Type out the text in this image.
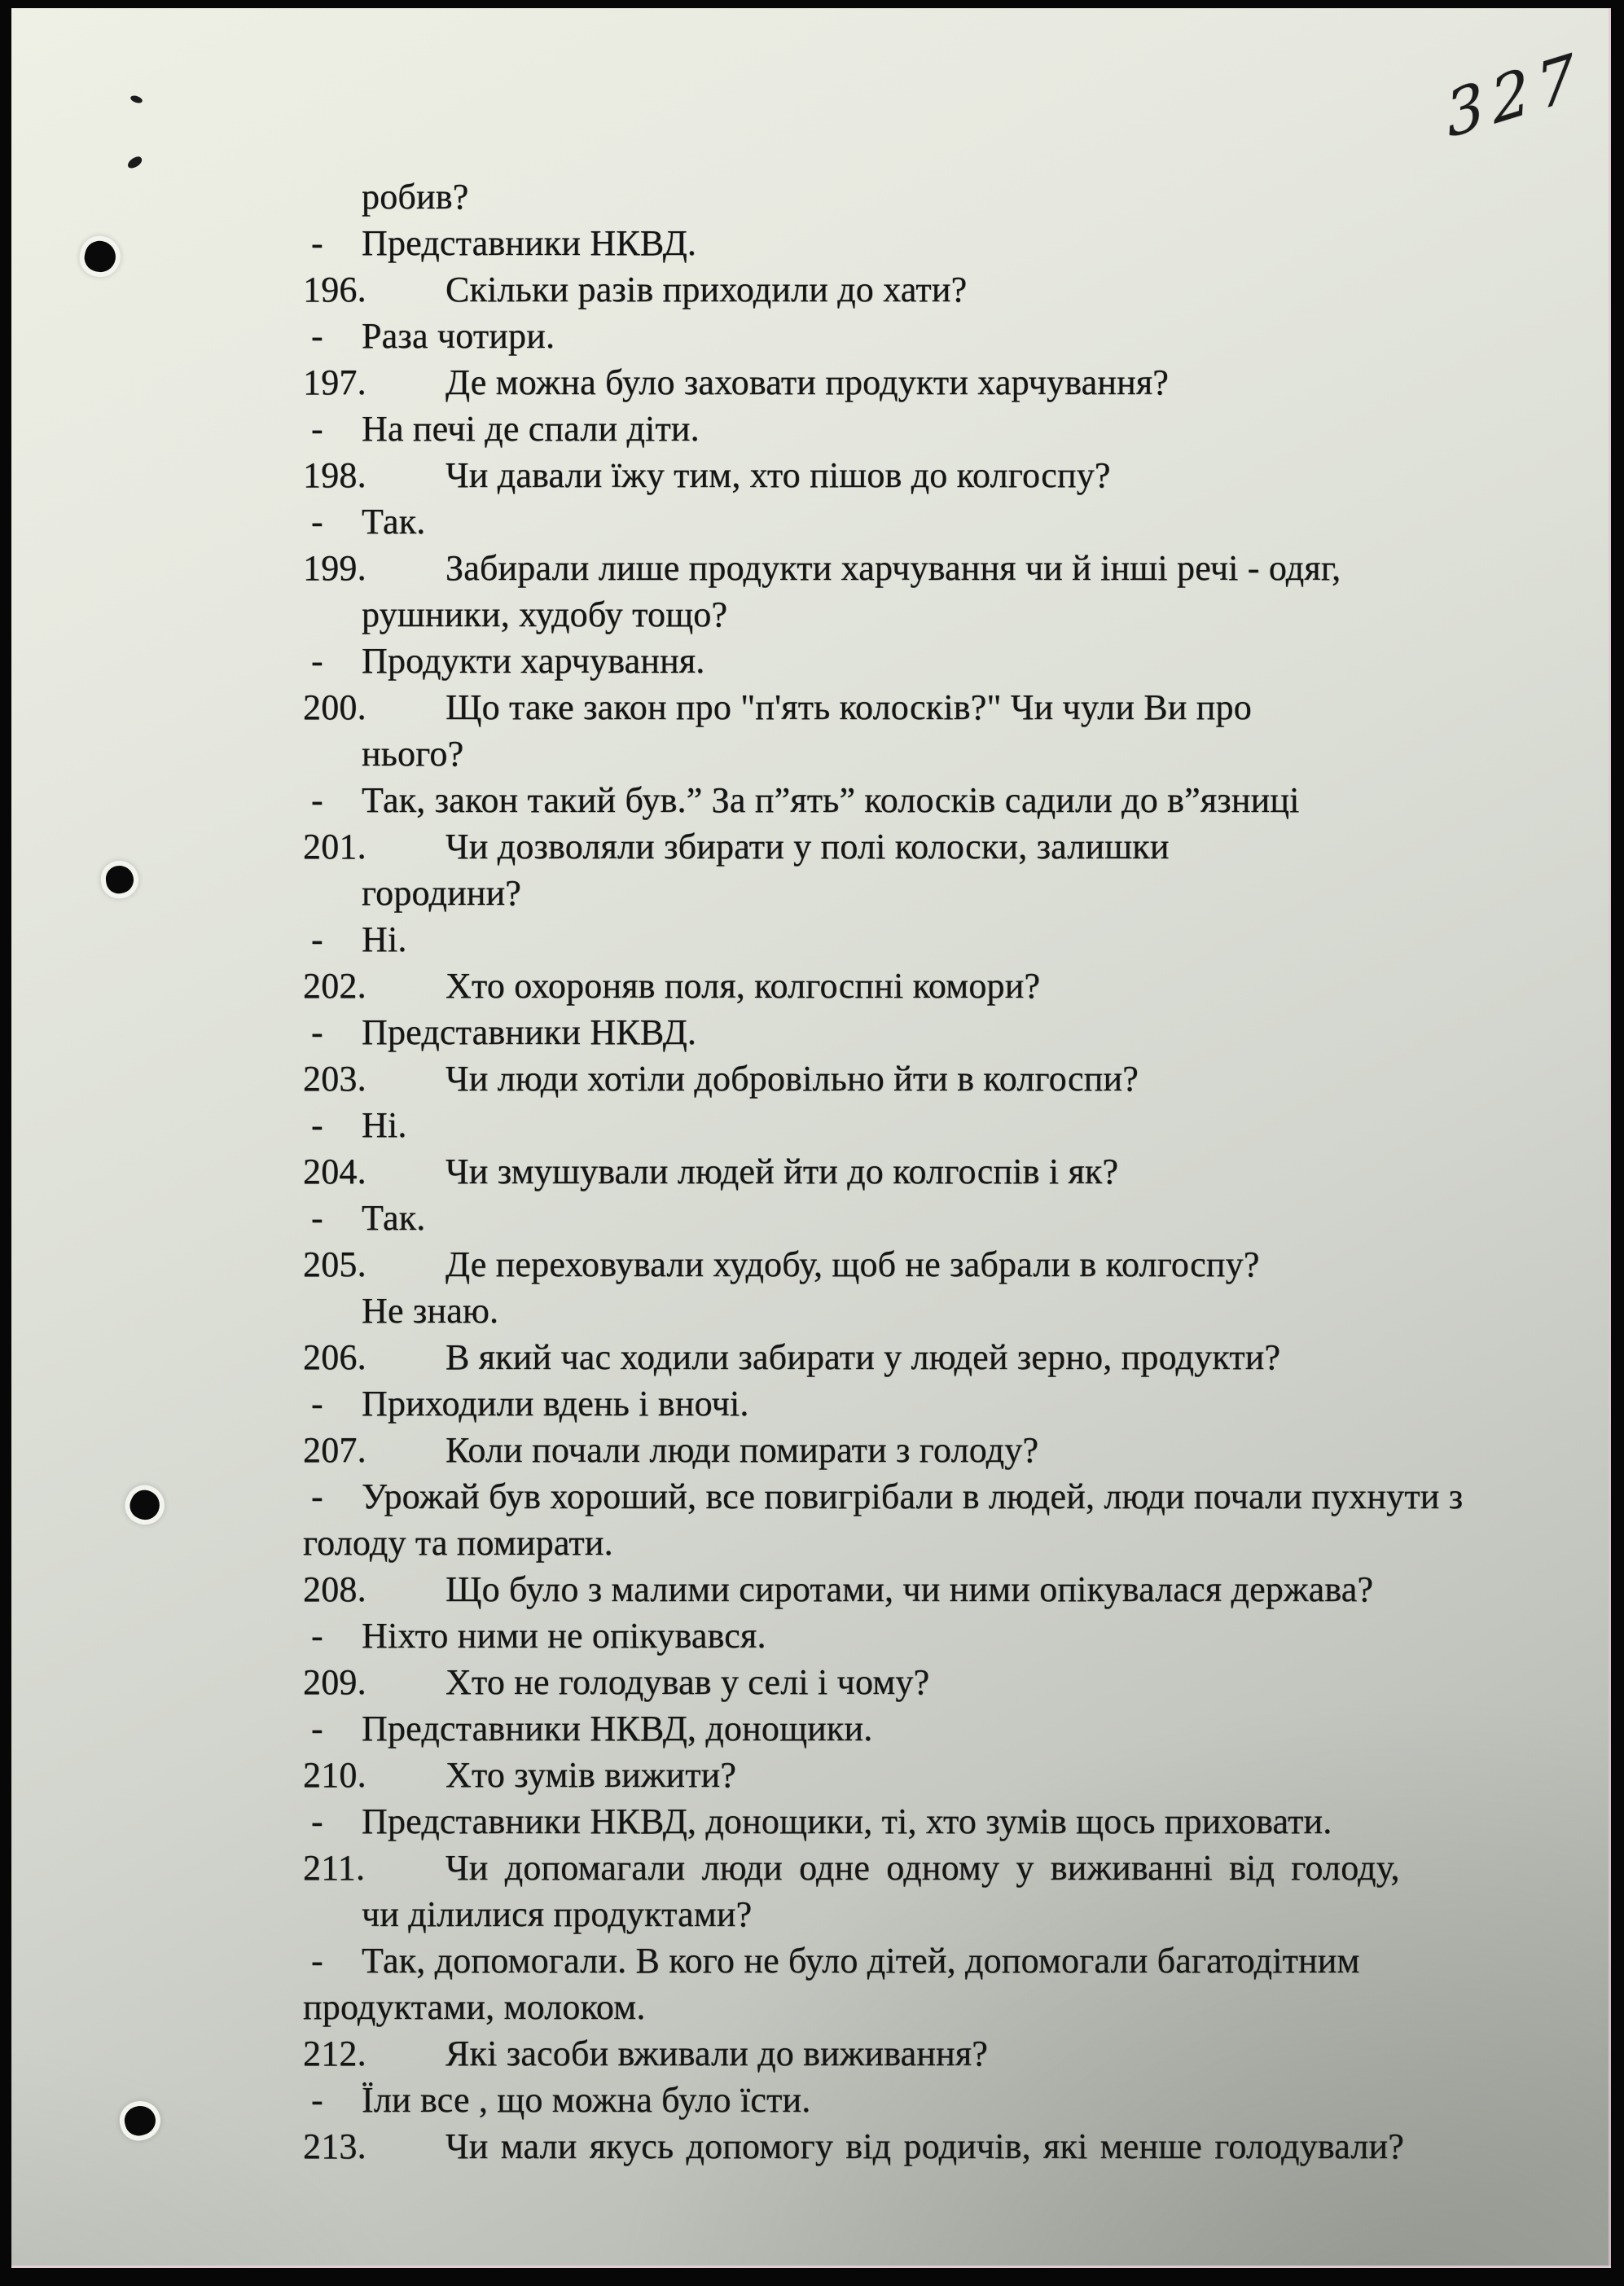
327
робив?
- Представники НКВД.
196. Скільки разів приходили до хати?
- Раза чотири.
197. Де можна було заховати продукти харчування?
- На печі де спали діти.
198. Чи давали їжу тим, хто пішов до колгоспу?
- Так.
199. Забирали лише продукти харчування чи й інші речі - одяг,
рушники, худобу тощо?
- Продукти харчування.
200. Що таке закон про "п'ять колосків?" Чи чули Ви про
нього?
- Так, закон такий був.” За п”ять” колосків садили до в”язниці
201. Чи дозволяли збирати у полі колоски, залишки
городини?
- Ні.
202. Хто охороняв поля, колгоспні комори?
- Представники НКВД.
203. Чи люди хотіли добровільно йти в колгоспи?
- Ні.
204. Чи змушували людей йти до колгоспів і як?
- Так.
205. Де переховували худобу, щоб не забрали в колгоспу?
Не знаю.
206. В який час ходили забирати у людей зерно, продукти?
- Приходили вдень і вночі.
207. Коли почали люди помирати з голоду?
- Урожай був хороший, все повигрібали в людей, люди почали пухнути з
голоду та помирати.
208. Що було з малими сиротами, чи ними опікувалася держава?
- Ніхто ними не опікувався.
209. Хто не голодував у селі і чому?
- Представники НКВД, донощики.
210. Хто зумів вижити?
- Представники НКВД, донощики, ті, хто зумів щось приховати.
211. Чи допомагали люди одне одному у виживанні від голоду,
чи ділилися продуктами?
- Так, допомогали. В кого не було дітей, допомогали багатодітним
продуктами, молоком.
212. Які засоби вживали до виживання?
- Їли все , що можна було їсти.
213. Чи мали якусь допомогу від родичів, які менше голодували?
